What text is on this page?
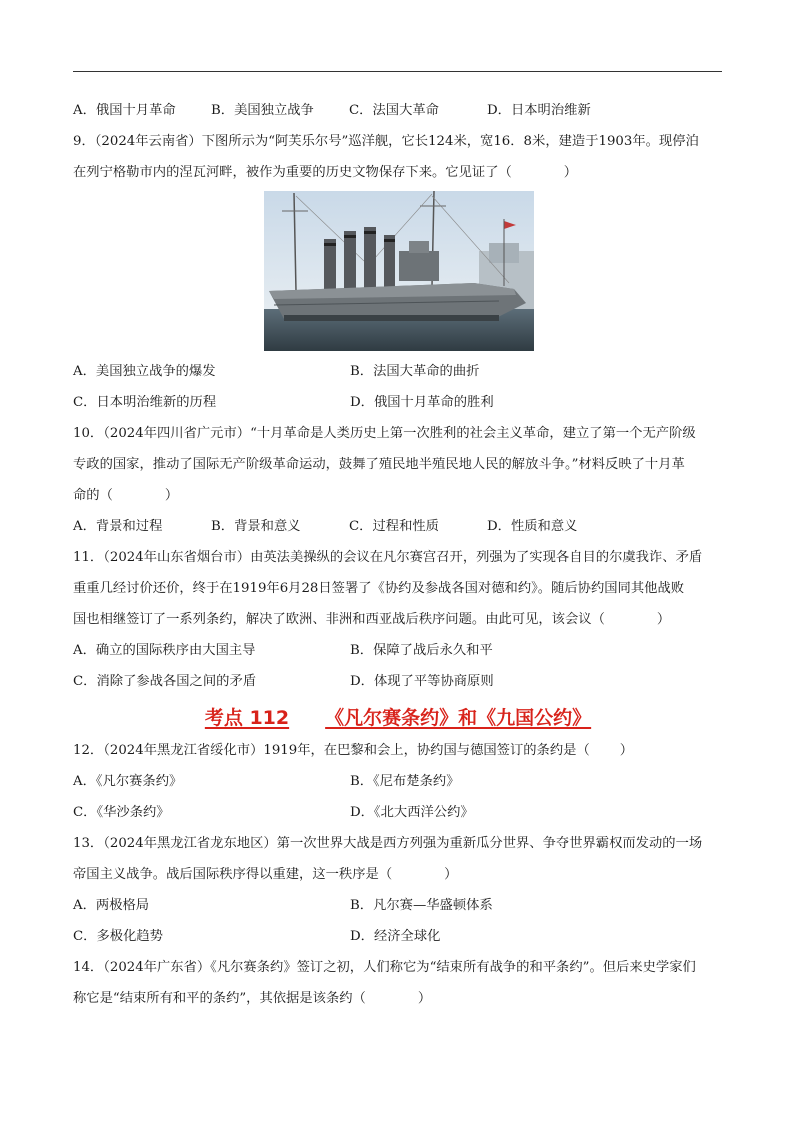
A．俄国十月革命	B．美国独立战争	C．法国大革命	D．日本明治维新
9．（2024年云南省）下图所示为“阿芙乐尔号”巡洋舰，它长124米，宽16．8米，建造于1903年。现停泊
在列宁格勒市内的涅瓦河畔，被作为重要的历史文物保存下来。它见证了（	）
A．美国独立战争的爆发	B．法国大革命的曲折
C．日本明治维新的历程	D．俄国十月革命的胜利
10．（2024年四川省广元市）“十月革命是人类历史上第一次胜利的社会主义革命，建立了第一个无产阶级
专政的国家，推动了国际无产阶级革命运动，鼓舞了殖民地半殖民地人民的解放斗争。”材料反映了十月革
命的（	）
A．背景和过程	B．背景和意义	C．过程和性质	D．性质和意义
11．（2024年山东省烟台市）由英法美操纵的会议在凡尔赛宫召开，列强为了实现各自目的尔虞我诈、矛盾
重重几经讨价还价，终于在1919年6月28日签署了《协约及参战各国对德和约》。随后协约国同其他战败
国也相继签订了一系列条约，解决了欧洲、非洲和西亚战后秩序问题。由此可见，该会议（	）
A．确立的国际秩序由大国主导	B．保障了战后永久和平
C．消除了参战各国之间的矛盾	D．体现了平等协商原则
考点 112 《凡尔赛条约》和《九国公约》
12．（2024年黑龙江省绥化市）1919年，在巴黎和会上，协约国与德国签订的条约是（ ）
A．《凡尔赛条约》	B．《尼布楚条约》
C．《华沙条约》	D．《北大西洋公约》
13．（2024年黑龙江省龙东地区）第一次世界大战是西方列强为重新瓜分世界、争夺世界霸权而发动的一场
帝国主义战争。战后国际秩序得以重建，这一秩序是（	）
A．两极格局	B．凡尔赛—华盛顿体系
C．多极化趋势	D．经济全球化
14．（2024年广东省）《凡尔赛条约》签订之初，人们称它为“结束所有战争的和平条约”。但后来史学家们
称它是“结束所有和平的条约”，其依据是该条约（	）
